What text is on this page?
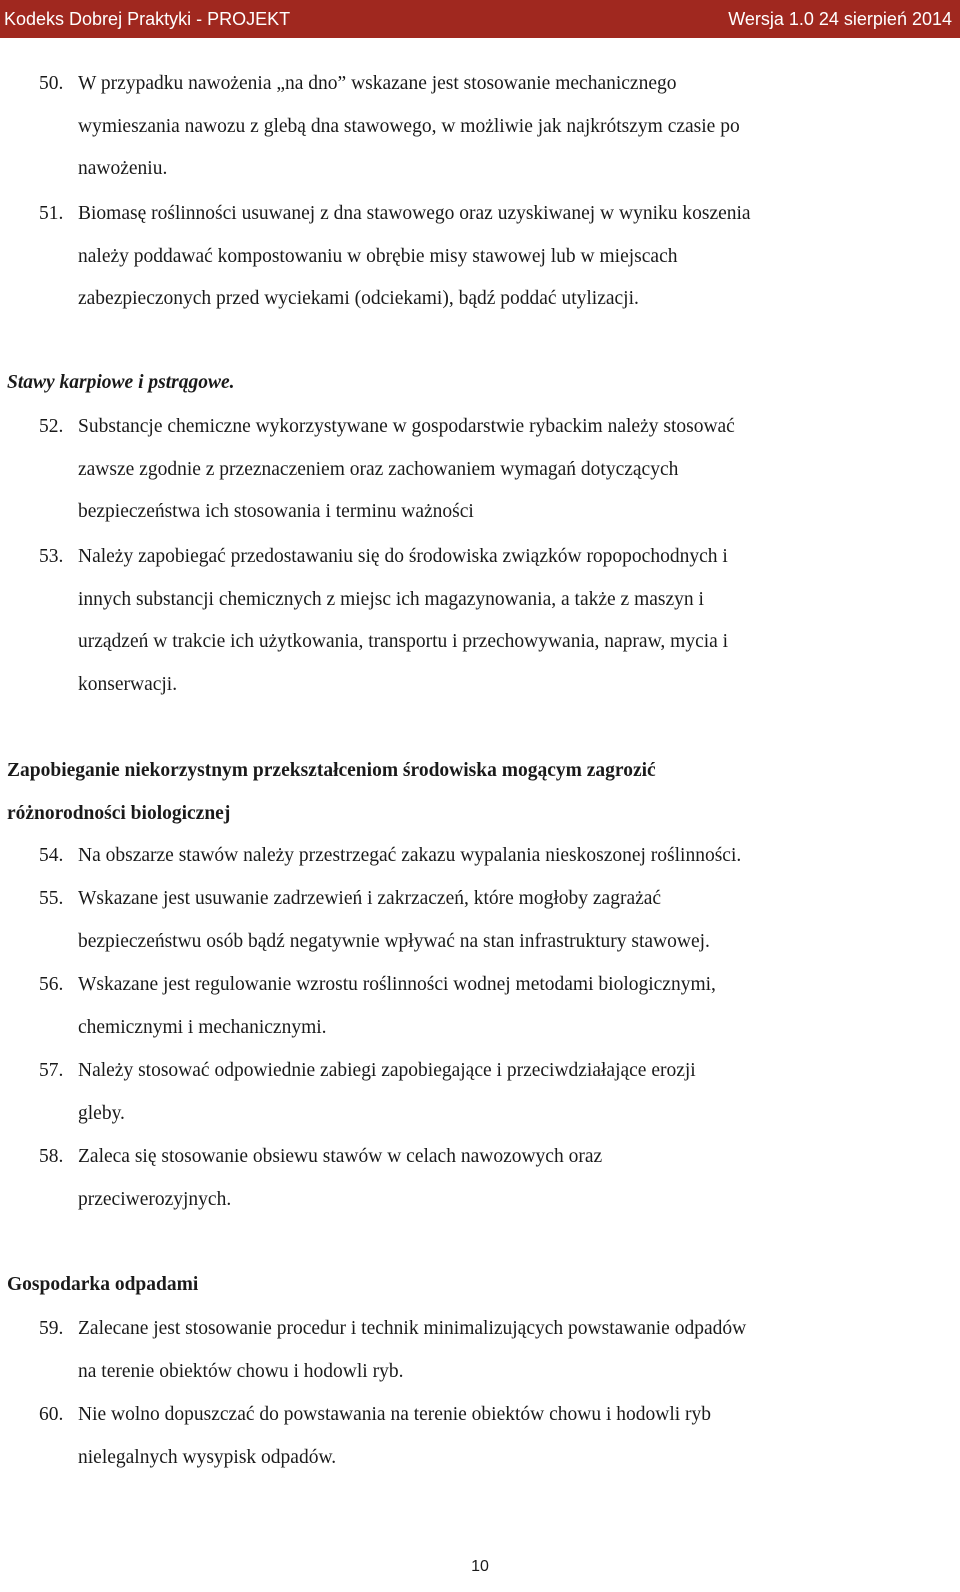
Kodeks Dobrej Praktyki - PROJEKT	Wersja 1.0 24 sierpień 2014
50. W przypadku nawożenia „na dno” wskazane jest stosowanie mechanicznego
wymieszania nawozu z glebą dna stawowego, w możliwie jak najkrótszym czasie po
nawożeniu.
51. Biomasę roślinności usuwanej z dna stawowego oraz uzyskiwanej w wyniku koszenia
należy poddawać kompostowaniu w obrębie misy stawowej lub w miejscach
zabezpieczonych przed wyciekami (odciekami), bądź poddać utylizacji.
Stawy karpiowe i pstrągowe.
52. Substancje chemiczne wykorzystywane w gospodarstwie rybackim należy stosować
zawsze zgodnie z przeznaczeniem oraz zachowaniem wymagań dotyczących
bezpieczeństwa ich stosowania i terminu ważności
53. Należy zapobiegać przedostawaniu się do środowiska związków ropopochodnych i
innych substancji chemicznych z miejsc ich magazynowania, a także z maszyn i
urządzeń w trakcie ich użytkowania, transportu i przechowywania, napraw, mycia i
konserwacji.
Zapobieganie niekorzystnym przekształceniom środowiska mogącym zagrozić
różnorodności biologicznej
54. Na obszarze stawów należy przestrzegać zakazu wypalania nieskoszonej roślinności.
55. Wskazane jest usuwanie zadrzewień i zakrzaczeń, które mogłoby zagrażać
bezpieczeństwu osób bądź negatywnie wpływać na stan infrastruktury stawowej.
56. Wskazane jest regulowanie wzrostu roślinności wodnej metodami biologicznymi,
chemicznymi i mechanicznymi.
57. Należy stosować odpowiednie zabiegi zapobiegające i przeciwdziałające erozji
gleby.
58. Zaleca się stosowanie obsiewu stawów w celach nawozowych oraz
przeciwerozyjnych.
Gospodarka odpadami
59. Zalecane jest stosowanie procedur i technik minimalizujących powstawanie odpadów
na terenie obiektów chowu i hodowli ryb.
60. Nie wolno dopuszczać do powstawania na terenie obiektów chowu i hodowli ryb
nielegalnych wysypisk odpadów.
10
